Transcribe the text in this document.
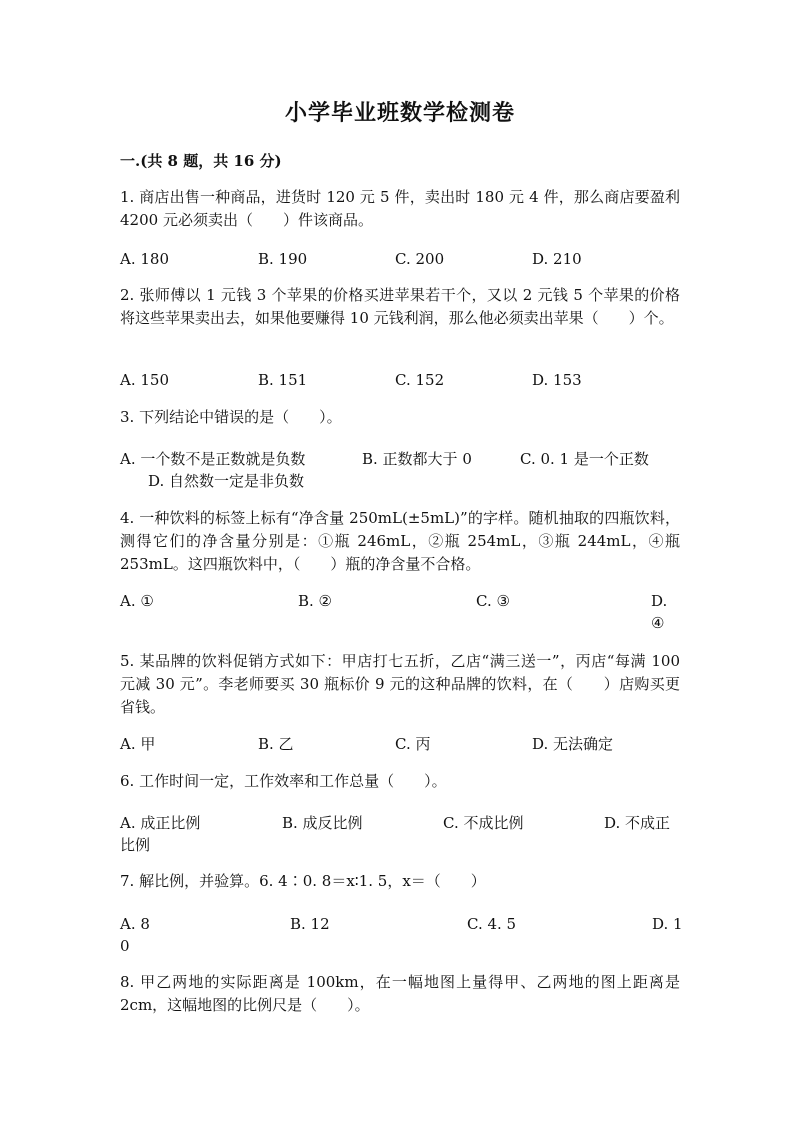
小学毕业班数学检测卷
一.(共 8 题，共 16 分)
1. 商店出售一种商品，进货时 120 元 5 件，卖出时 180 元 4 件，那么商店要盈利 4200 元必须卖出（　　）件该商品。
A. 180	B. 190	C. 200	D. 210
2. 张师傅以 1 元钱 3 个苹果的价格买进苹果若干个，又以 2 元钱 5 个苹果的价格将这些苹果卖出去，如果他要赚得 10 元钱利润，那么他必须卖出苹果（　　）个。
A. 150	B. 151	C. 152	D. 153
3. 下列结论中错误的是（　　）。
A. 一个数不是正数就是负数	B. 正数都大于 0	C. 0. 1 是一个正数
D. 自然数一定是非负数
4. 一种饮料的标签上标有“净含量 250mL(±5mL)”的字样。随机抽取的四瓶饮料，测得它们的净含量分别是：①瓶 246mL，②瓶 254mL，③瓶 244mL，④瓶 253mL。这四瓶饮料中，（　　）瓶的净含量不合格。
A. ①	B. ②	C. ③	D. ④
5. 某品牌的饮料促销方式如下：甲店打七五折，乙店“满三送一”，丙店“每满 100 元减 30 元”。李老师要买 30 瓶标价 9 元的这种品牌的饮料，在（　　）店购买更省钱。
A. 甲	B. 乙	C. 丙	D. 无法确定
6. 工作时间一定，工作效率和工作总量（　　）。
A. 成正比例	B. 成反比例	C. 不成比例	D. 不成正
比例
7. 解比例，并验算。6. 4∶0. 8＝x∶1. 5，x＝（　　）
A. 8	B. 12	C. 4. 5	D. 1
0
8. 甲乙两地的实际距离是 100km，在一幅地图上量得甲、乙两地的图上距离是 2cm，这幅地图的比例尺是（　　）。
